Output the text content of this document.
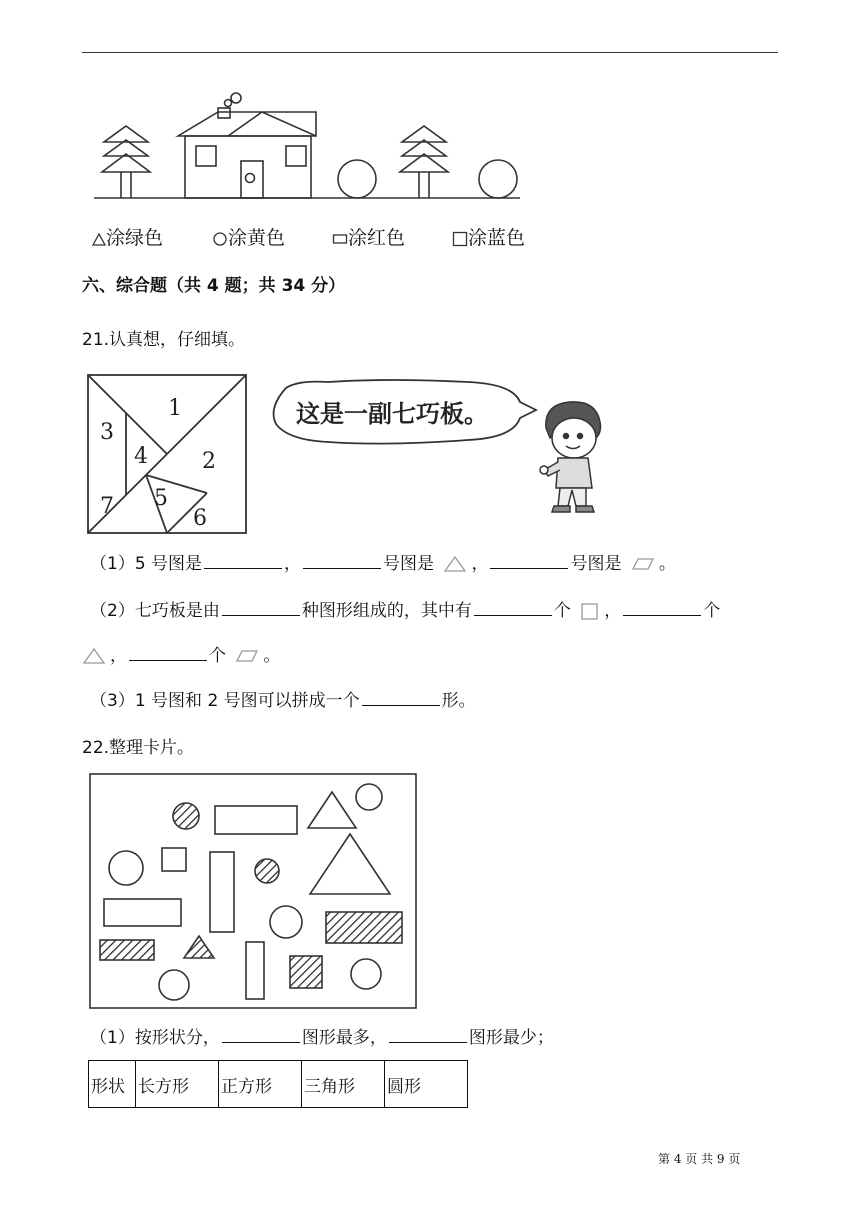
涂绿色	涂黄色	涂红色	涂蓝色
六、综合题（共 4 题；共 34 分）
21.认真想，仔细填。
1
2
3
4
5
6
7
这是一副七巧板。
（1）5 号图是	，	号图是 ，	号图是 。
（2）七巧板是由	种图形组成的，其中有	个 ，	个
，	个 。
（3）1 号图和 2 号图可以拼成一个	形。
22.整理卡片。
（1）按形状分，	图形最多，	图形最少；
形状	长方形	正方形	三角形	圆形
第 4 页 共 9 页
